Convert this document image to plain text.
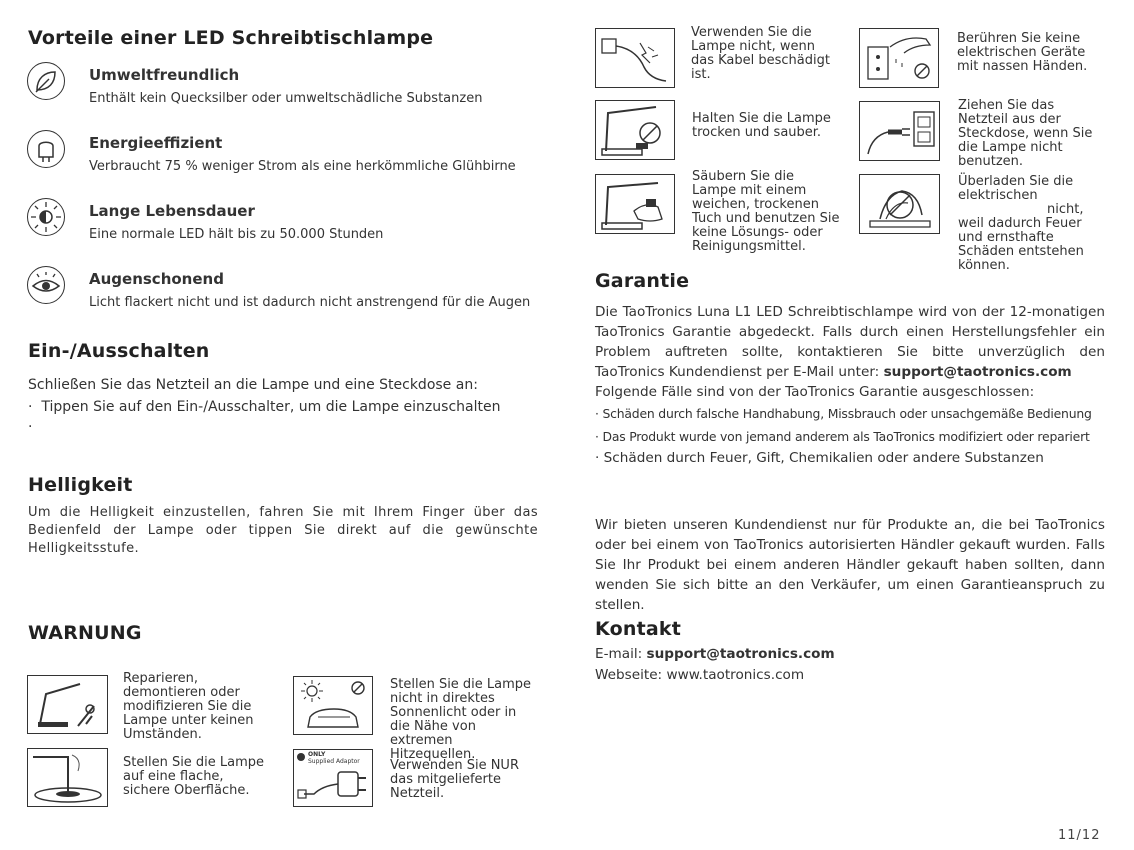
Vorteile einer LED Schreibtischlampe
Umweltfreundlich
Enthält kein Quecksilber oder umweltschädliche Substanzen
Energieeffizient
Verbraucht 75 % weniger Strom als eine herkömmliche Glühbirne
Lange Lebensdauer
Eine normale LED hält bis zu 50.000 Stunden
Augenschonend
Licht flackert nicht und ist dadurch nicht anstrengend für die Augen
Ein-/Ausschalten
Schließen Sie das Netzteil an die Lampe und eine Steckdose an:
·  Tippen Sie auf den Ein-/Ausschalter, um die Lampe einzuschalten
·
Helligkeit
Um die Helligkeit einzustellen, fahren Sie mit Ihrem Finger über das Bedienfeld der Lampe oder tippen Sie direkt auf die gewünschte Helligkeitsstufe.
WARNUNG
Reparieren, demontieren oder modifizieren Sie die Lampe unter keinen Umständen.
Stellen Sie die Lampe nicht in direktes Sonnenlicht oder in die Nähe von extremen Hitzequellen.
Stellen Sie die Lampe auf eine flache, sichere Oberfläche.
ONLY
Supplied Adaptor Verwenden Sie NUR das mitgelieferte Netzteil.
Verwenden Sie die Lampe nicht, wenn das Kabel beschädigt ist.
Berühren Sie keine elektrischen Geräte mit nassen Händen.
Halten Sie die Lampe trocken und sauber.
Ziehen Sie das Netzteil aus der Steckdose, wenn Sie die Lampe nicht benutzen.
Säubern Sie die Lampe mit einem weichen, trockenen Tuch und benutzen Sie keine Lösungs- oder Reinigungsmittel.
Überladen Sie die elektrischen
nicht, weil dadurch Feuer und ernsthafte Schäden entstehen können.
Garantie
Die TaoTronics Luna L1 LED Schreibtischlampe wird von der 12-monatigen TaoTronics Garantie abgedeckt. Falls durch einen Herstellungsfehler ein Problem auftreten sollte, kontaktieren Sie bitte unverzüglich den TaoTronics Kundendienst per E-Mail unter: support@taotronics.com
Folgende Fälle sind von der TaoTronics Garantie ausgeschlossen:
· Schäden durch falsche Handhabung, Missbrauch oder unsachgemäße Bedienung
· Das Produkt wurde von jemand anderem als TaoTronics modifiziert oder repariert
· Schäden durch Feuer, Gift, Chemikalien oder andere Substanzen
Wir bieten unseren Kundendienst nur für Produkte an, die bei TaoTronics oder bei einem von TaoTronics autorisierten Händler gekauft wurden. Falls Sie Ihr Produkt bei einem anderen Händler gekauft haben sollten, dann wenden Sie sich bitte an den Verkäufer, um einen Garantieanspruch zu stellen.
Kontakt
E-mail: support@taotronics.com
Webseite: www.taotronics.com
11/12
